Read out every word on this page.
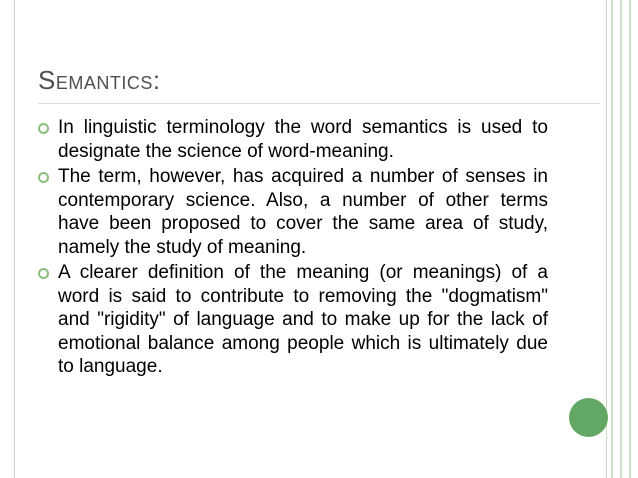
Semantics:
In linguistic terminology the word semantics is used to designate the science of word-meaning.
The term, however, has acquired a number of senses in contemporary science. Also, a number of other terms have been proposed to cover the same area of study, namely the study of meaning.
A clearer definition of the meaning (or meanings) of a word is said to contribute to removing the "dogmatism" and "rigidity" of language and to make up for the lack of emotional balance among people which is ultimately due to language.
